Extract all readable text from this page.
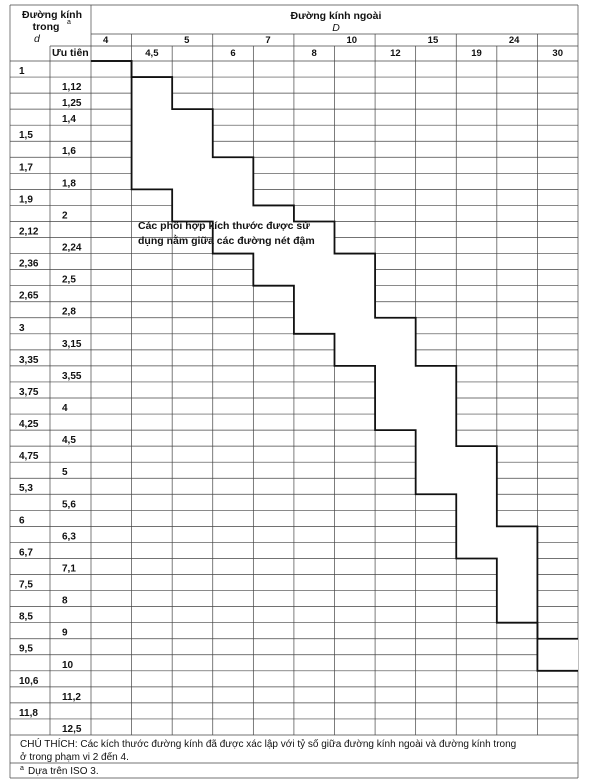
Đường kính
trong a
d
Ưu tiên
Đường kính ngoài
D
Các phối hợp kích thước được sử
dụng nằm giữa các đường nét đậm
CHÚ THÍCH: Các kích thước đường kính đã được xác lập với tỷ số giữa đường kính ngoài và đường kính trong
ở trong phạm vi 2 đến 4.
a Dựa trên ISO 3.
4
4,5
5
6
7
8
10
12
15
19
24
30
1
1,12
1,25
1,4
1,5
1,6
1,7
1,8
1,9
2
2,12
2,24
2,36
2,5
2,65
2,8
3
3,15
3,35
3,55
3,75
4
4,25
4,5
4,75
5
5,3
5,6
6
6,3
6,7
7,1
7,5
8
8,5
9
9,5
10
10,6
11,2
11,8
12,5
